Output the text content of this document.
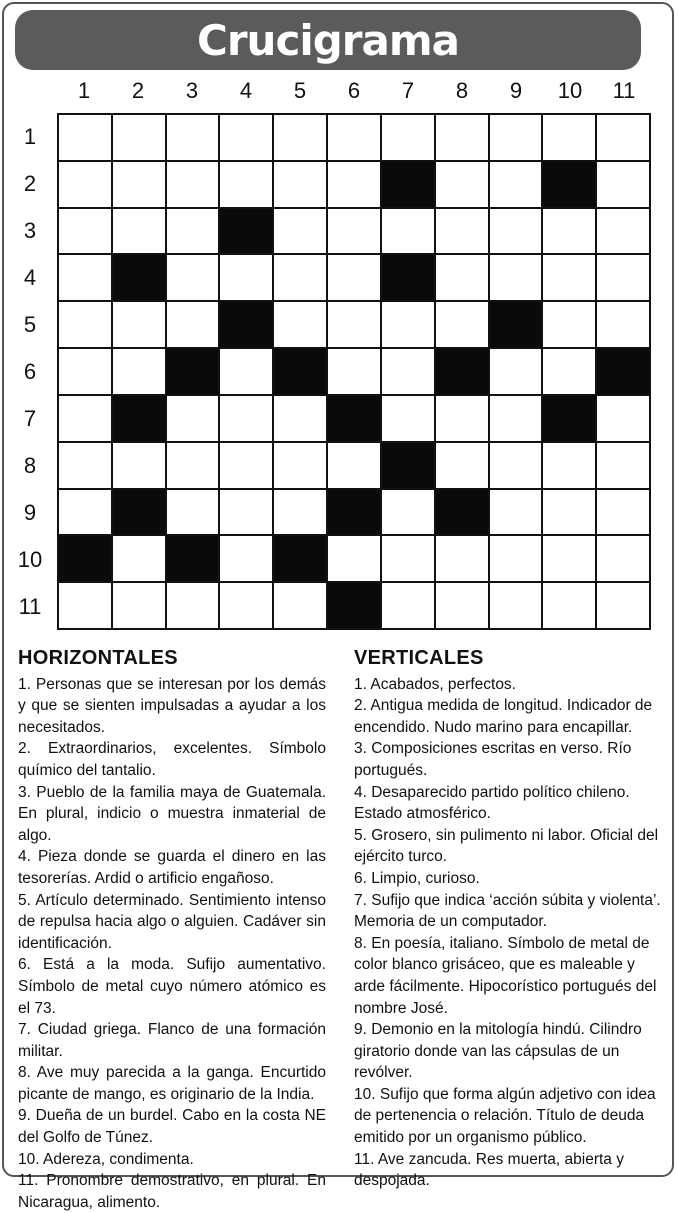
Crucigrama
1	2	3	4	5	6	7	8	9	10	11
1
2
3
4
5
6
7
8
9
10
11
HORIZONTALES

1. Personas que se interesan por los demás y que se sienten impulsadas a ayudar a los necesitados.

2. Extraordinarios, excelentes. Símbolo químico del tantalio.

3. Pueblo de la familia maya de Guatemala. En plural, indicio o muestra inmaterial de algo.

4. Pieza donde se guarda el dinero en las tesorerías. Ardid o artificio engañoso.

5. Artículo determinado. Sentimiento intenso de repulsa hacia algo o alguien. Cadáver sin identificación.

6. Está a la moda. Sufijo aumentativo. Símbolo de metal cuyo número atómico es el 73.

7. Ciudad griega. Flanco de una formación militar.

8. Ave muy parecida a la ganga. Encurtido picante de mango, es originario de la India.

9. Dueña de un burdel. Cabo en la costa NE del Golfo de Túnez.

10. Adereza, condimenta.

11. Pronombre demostrativo, en plural. En Nicaragua, alimento.

VERTICALES

1. Acabados, perfectos.

2. Antigua medida de longitud. Indicador de encendido. Nudo marino para encapillar.

3. Composiciones escritas en verso. Río portugués.

4. Desaparecido partido político chileno. Estado atmosférico.

5. Grosero, sin pulimento ni labor. Oficial del ejército turco.

6. Limpio, curioso.

7. Sufijo que indica ‘acción súbita y violenta’. Memoria de un computador.

8. En poesía, italiano. Símbolo de metal de color blanco grisáceo, que es maleable y arde fácilmente. Hipocorístico portugués del nombre José.

9. Demonio en la mitología hindú. Cilindro giratorio donde van las cápsulas de un revólver.

10. Sufijo que forma algún adjetivo con idea de pertenencia o relación. Título de deuda emitido por un organismo público.

11. Ave zancuda. Res muerta, abierta y despojada.
